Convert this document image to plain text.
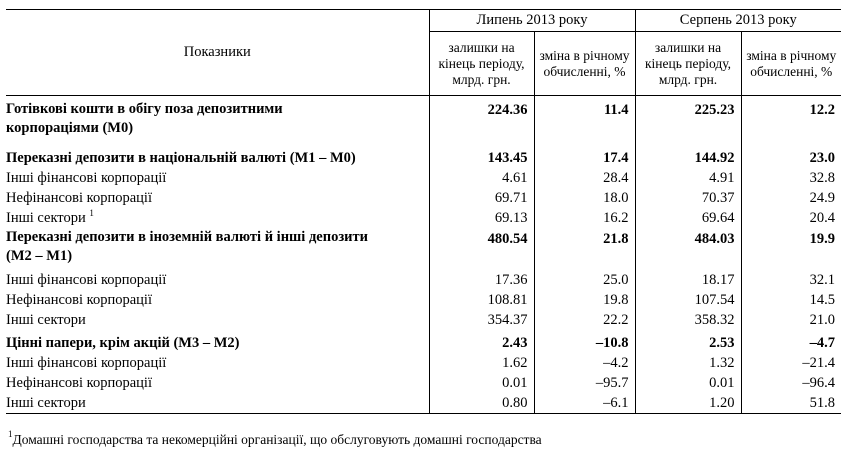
Показники	Липень 2013 року		Серпень 2013 року	
	залишки на кінець періоду, млрд. грн.	зміна в річному обчисленні, %	залишки на кінець періоду, млрд. грн.	зміна в річному обчисленні, %
Готівкові кошти в обігу поза депозитними корпораціями (М0)	224.36	11.4	225.23	12.2
Переказні депозити в національній валюті (М1 – М0)	143.45	17.4	144.92	23.0
Інші фінансові корпорації	4.61	28.4	4.91	32.8
Нефінансові корпорації	69.71	18.0	70.37	24.9
Інші сектори $^1$	69.13	16.2	69.64	20.4
Переказні депозити в іноземній валюті й інші депозити (М2 – М1)	480.54	21.8	484.03	19.9
Інші фінансові корпорації	17.36	25.0	18.17	32.1
Нефінансові корпорації	108.81	19.8	107.54	14.5
Інші сектори	354.37	22.2	358.32	21.0
Цінні папери, крім акцій (М3 – М2)	2.43	–10.8	2.53	–4.7
Інші фінансові корпорації	1.62	–4.2	1.32	–21.4
Нефінансові корпорації	0.01	–95.7	0.01	–96.4
Інші сектори	0.80	–6.1	1.20	51.8
$^1$Домашні господарства та некомерційні організації, що обслуговують домашні господарства
